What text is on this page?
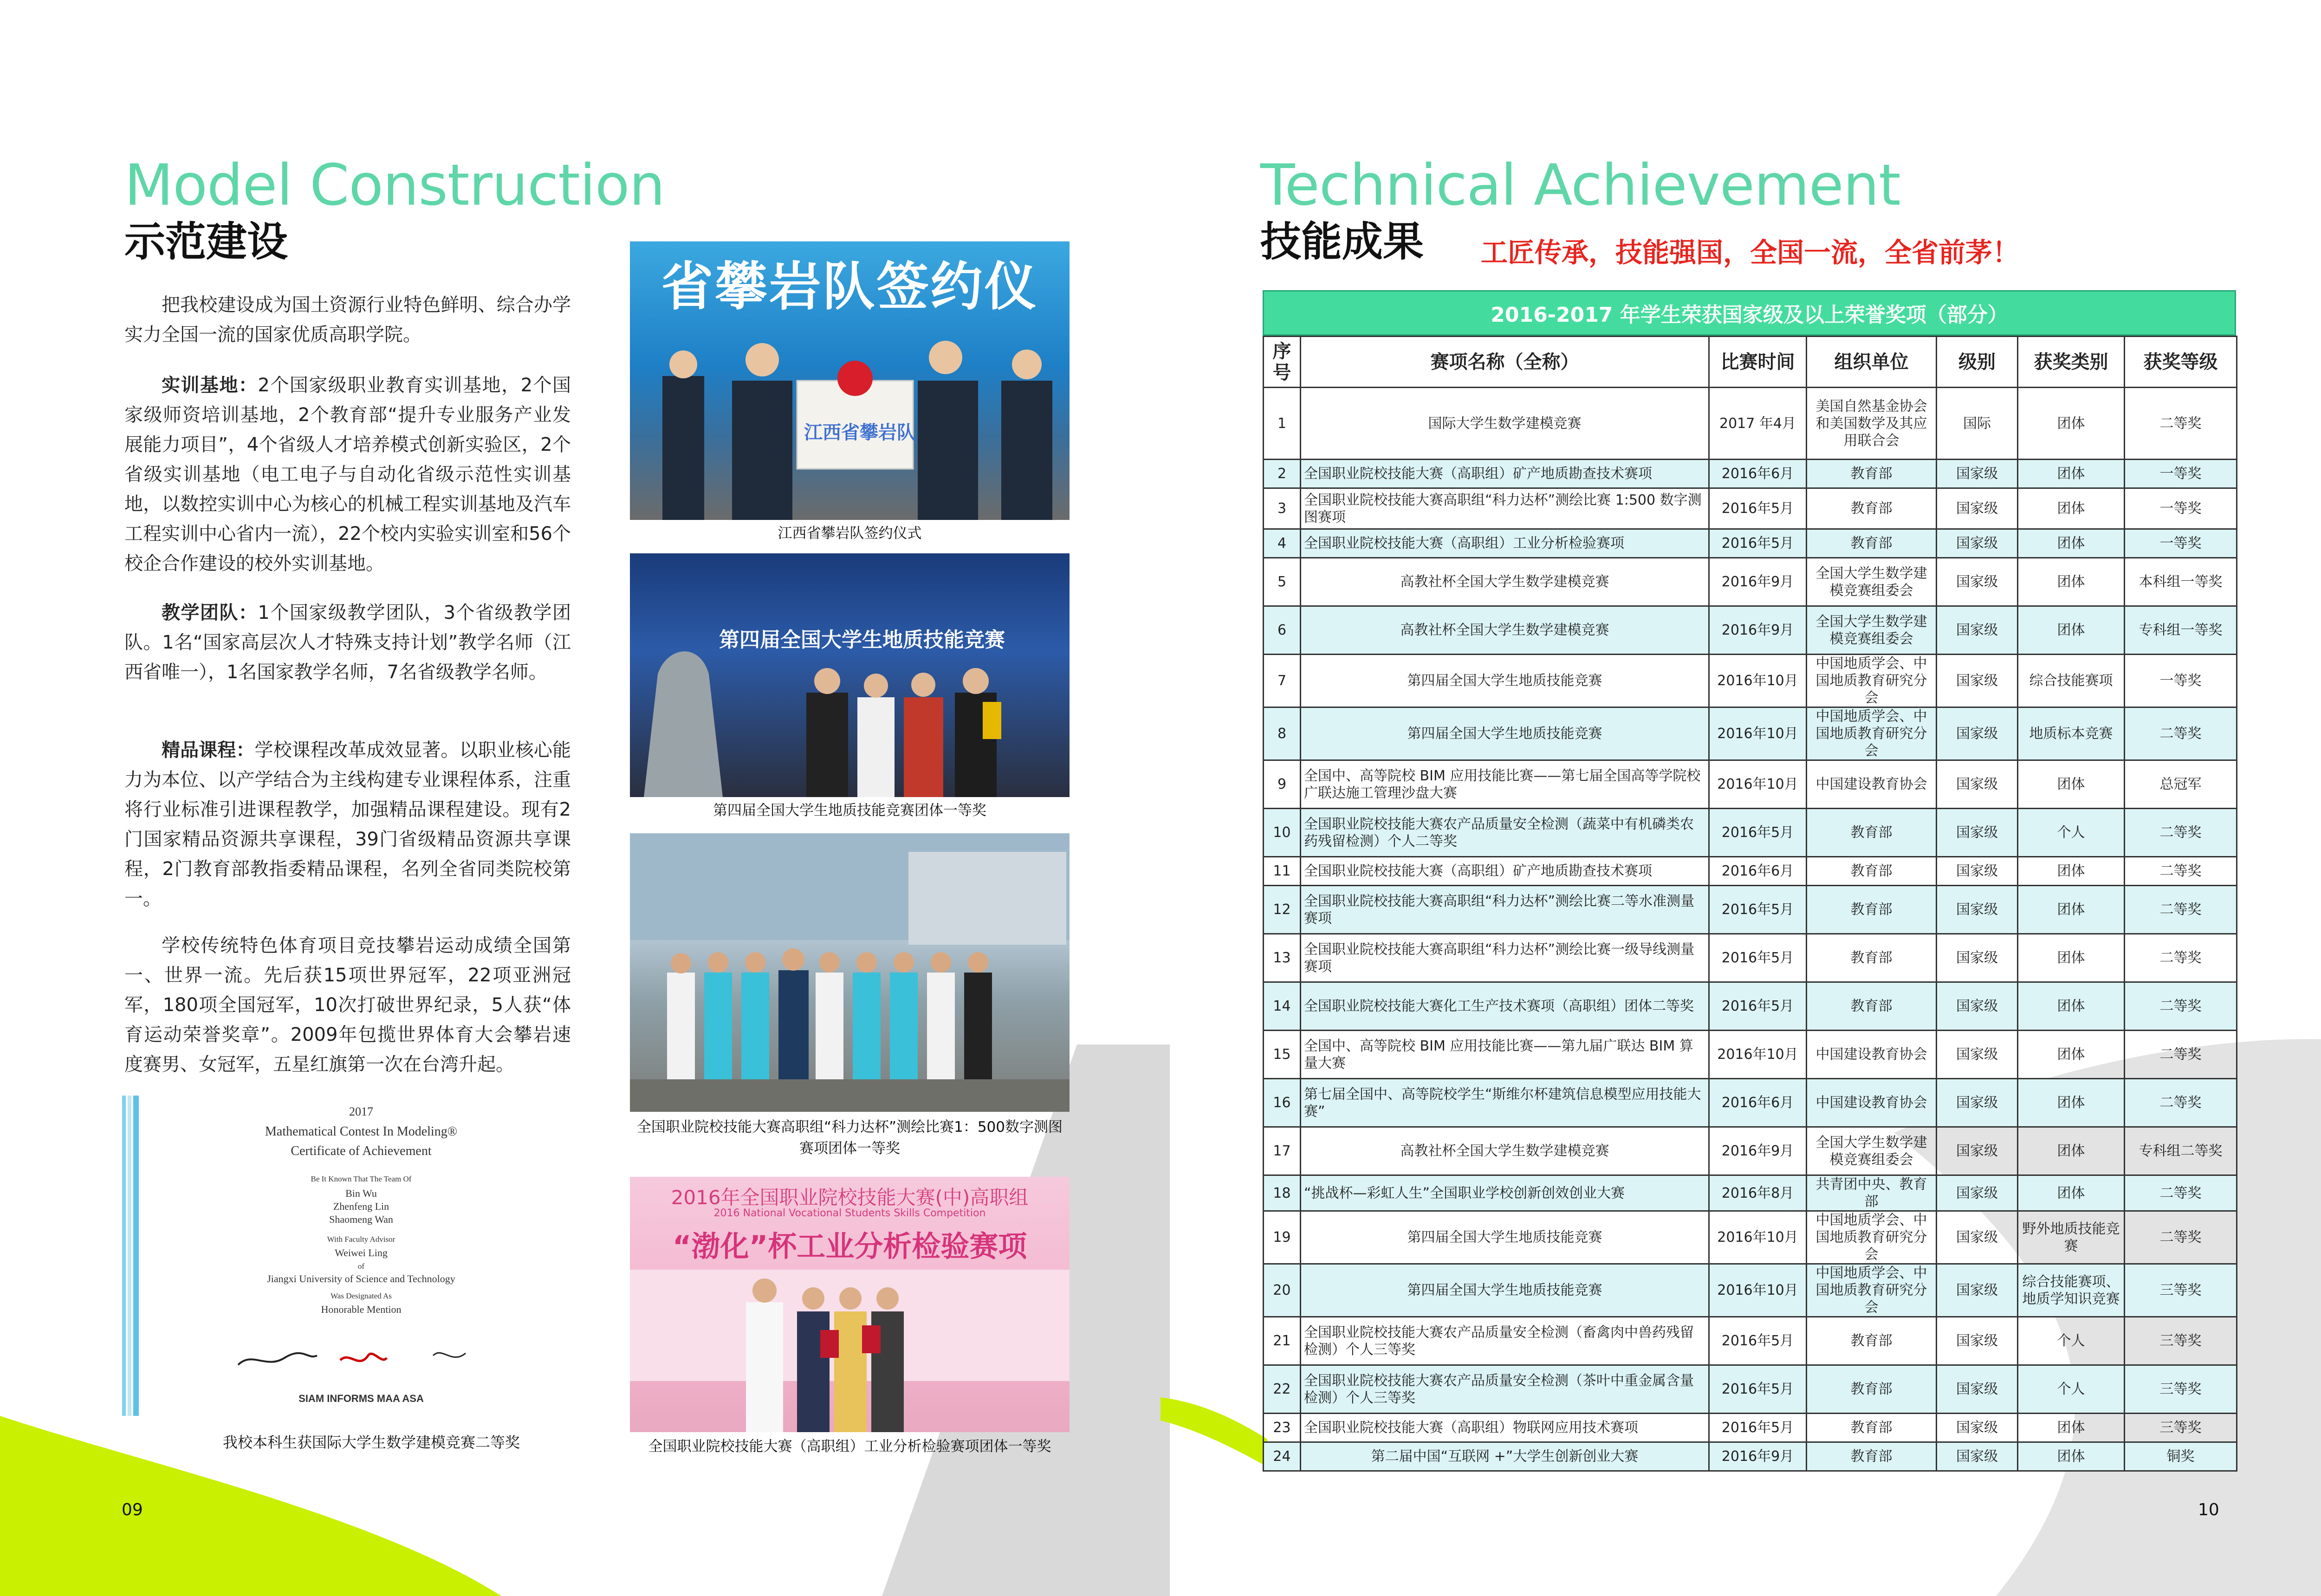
Model Construction
示范建设
把我校建设成为国土资源行业特色鲜明、综合办学实力全国一流的国家优质高职学院。
实训基地：2个国家级职业教育实训基地，2个国家级师资培训基地，2个教育部“提升专业服务产业发展能力项目”，4个省级人才培养模式创新实验区，2个省级实训基地（电工电子与自动化省级示范性实训基地，以数控实训中心为核心的机械工程实训基地及汽车工程实训中心省内一流），22个校内实验实训室和56个校企合作建设的校外实训基地。
教学团队：1个国家级教学团队，3个省级教学团队。1名“国家高层次人才特殊支持计划”教学名师（江西省唯一），1名国家教学名师，7名省级教学名师。
精品课程：学校课程改革成效显著。以职业核心能力为本位、以产学结合为主线构建专业课程体系，注重将行业标准引进课程教学，加强精品课程建设。现有2门国家精品资源共享课程，39门省级精品资源共享课程，2门教育部教指委精品课程，名列全省同类院校第一。
学校传统特色体育项目竞技攀岩运动成绩全国第一、世界一流。先后获15项世界冠军，22项亚洲冠军，180项全国冠军，10次打破世界纪录，5人获“体育运动荣誉奖章”。2009年包揽世界体育大会攀岩速度赛男、女冠军，五星红旗第一次在台湾升起。
2017
Mathematical Contest In Modeling®
Certificate of Achievement
Be It Known That The Team Of
Bin Wu
Zhenfeng Lin
Shaomeng Wan
With Faculty Advisor
Weiwei Ling
of
Jiangxi University of Science and Technology
Was Designated As
Honorable Mention
SIAM INFORMS MAA ASA
我校本科生获国际大学生数学建模竞赛二等奖
省攀岩队签约仪
江西省攀岩队
江西省攀岩队签约仪式
第四届全国大学生地质技能竞赛
第四届全国大学生地质技能竞赛团体一等奖
全国职业院校技能大赛高职组“科力达杯”测绘比赛1：500数字测图赛项团体一等奖
2016年全国职业院校技能大赛(中)高职组
2016 National Vocational Students Skills Competition
“渤化”杯工业分析检验赛项
全国职业院校技能大赛（高职组）工业分析检验赛项团体一等奖
09
Technical Achievement
技能成果 工匠传承，技能强国，全国一流，全省前茅！
2016-2017 年学生荣获国家级及以上荣誉奖项（部分）
序号	赛项名称（全称）	比赛时间	组织单位	级别	获奖类别	获奖等级
1	国际大学生数学建模竞赛	2017 年4月	美国自然基金协会和美国数学及其应用联合会	国际	团体	二等奖
2	全国职业院校技能大赛（高职组）矿产地质勘查技术赛项	2016年6月	教育部	国家级	团体	一等奖
3	全国职业院校技能大赛高职组“科力达杯”测绘比赛 1:500 数字测图赛项	2016年5月	教育部	国家级	团体	一等奖
4	全国职业院校技能大赛（高职组）工业分析检验赛项	2016年5月	教育部	国家级	团体	一等奖
5	高教社杯全国大学生数学建模竞赛	2016年9月	全国大学生数学建模竞赛组委会	国家级	团体	本科组一等奖
6	高教社杯全国大学生数学建模竞赛	2016年9月	全国大学生数学建模竞赛组委会	国家级	团体	专科组一等奖
7	第四届全国大学生地质技能竞赛	2016年10月	中国地质学会、中国地质教育研究分会	国家级	综合技能赛项	一等奖
8	第四届全国大学生地质技能竞赛	2016年10月	中国地质学会、中国地质教育研究分会	国家级	地质标本竞赛	二等奖
9	全国中、高等院校 BIM 应用技能比赛——第七届全国高等学院校广联达施工管理沙盘大赛	2016年10月	中国建设教育协会	国家级	团体	总冠军
10	全国职业院校技能大赛农产品质量安全检测（蔬菜中有机磷类农药残留检测）个人二等奖	2016年5月	教育部	国家级	个人	二等奖
11	全国职业院校技能大赛（高职组）矿产地质勘查技术赛项	2016年6月	教育部	国家级	团体	二等奖
12	全国职业院校技能大赛高职组“科力达杯”测绘比赛二等水准测量赛项	2016年5月	教育部	国家级	团体	二等奖
13	全国职业院校技能大赛高职组“科力达杯”测绘比赛一级导线测量赛项	2016年5月	教育部	国家级	团体	二等奖
14	全国职业院校技能大赛化工生产技术赛项（高职组）团体二等奖	2016年5月	教育部	国家级	团体	二等奖
15	全国中、高等院校 BIM 应用技能比赛——第九届广联达 BIM 算量大赛	2016年10月	中国建设教育协会	国家级	团体	二等奖
16	第七届全国中、高等院校学生“斯维尔杯建筑信息模型应用技能大赛”	2016年6月	中国建设教育协会	国家级	团体	二等奖
17	高教社杯全国大学生数学建模竞赛	2016年9月	全国大学生数学建模竞赛组委会	国家级	团体	专科组二等奖
18	“挑战杯—彩虹人生”全国职业学校创新创效创业大赛	2016年8月	共青团中央、教育部	国家级	团体	二等奖
19	第四届全国大学生地质技能竞赛	2016年10月	中国地质学会、中国地质教育研究分会	国家级	野外地质技能竞赛	二等奖
20	第四届全国大学生地质技能竞赛	2016年10月	中国地质学会、中国地质教育研究分会	国家级	综合技能赛项、地质学知识竞赛	三等奖
21	全国职业院校技能大赛农产品质量安全检测（畜禽肉中兽药残留检测）个人三等奖	2016年5月	教育部	国家级	个人	三等奖
22	全国职业院校技能大赛农产品质量安全检测（茶叶中重金属含量检测）个人三等奖	2016年5月	教育部	国家级	个人	三等奖
23	全国职业院校技能大赛（高职组）物联网应用技术赛项	2016年5月	教育部	国家级	团体	三等奖
24	第二届中国“互联网 +”大学生创新创业大赛	2016年9月	教育部	国家级	团体	铜奖
10
